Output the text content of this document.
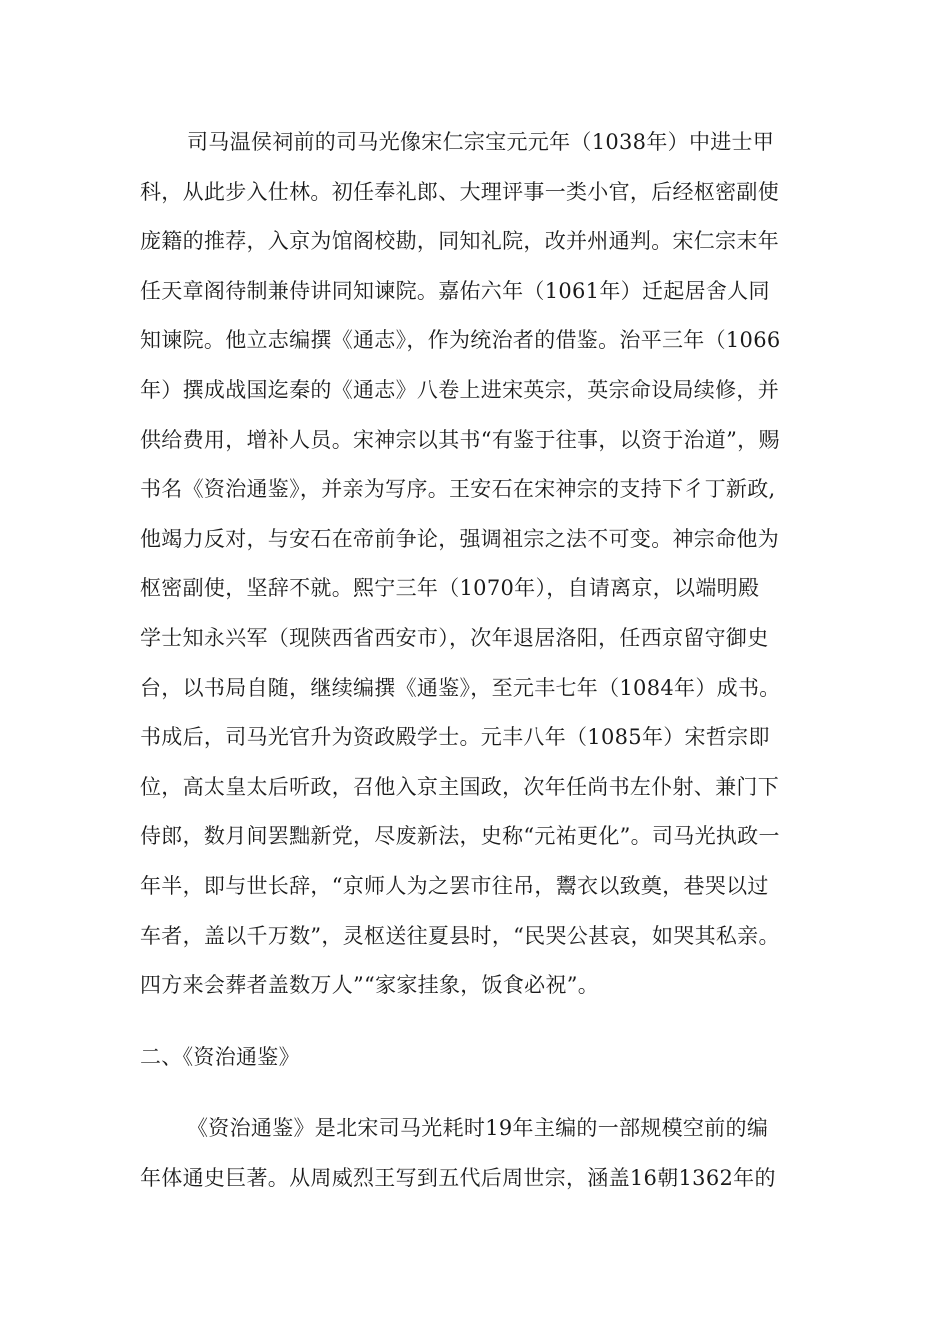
司马温侯祠前的司马光像宋仁宗宝元元年（1038年）中进士甲
科，从此步入仕林。初任奉礼郎、大理评事一类小官，后经枢密副使
庞籍的推荐，入京为馆阁校勘，同知礼院，改并州通判。宋仁宗末年
任天章阁待制兼侍讲同知谏院。嘉佑六年（1061年）迁起居舍人同
知谏院。他立志编撰《通志》，作为统治者的借鉴。治平三年（1066
年）撰成战国迄秦的《通志》八卷上进宋英宗，英宗命设局续修，并
供给费用，增补人员。宋神宗以其书“有鉴于往事，以资于治道”，赐
书名《资治通鉴》，并亲为写序。王安石在宋神宗的支持下彳丁新政,
他竭力反对，与安石在帝前争论，强调祖宗之法不可变。神宗命他为
枢密副使，坚辞不就。熙宁三年（1070年），自请离京，以端明殿
学士知永兴军（现陕西省西安市），次年退居洛阳，任西京留守御史
台，以书局自随，继续编撰《通鉴》，至元丰七年（1084年）成书。
书成后，司马光官升为资政殿学士。元丰八年（1085年）宋哲宗即
位，高太皇太后听政，召他入京主国政，次年任尚书左仆射、兼门下
侍郎，数月间罢黜新党，尽废新法，史称“元祐更化”。司马光执政一
年半，即与世长辞，“京师人为之罢市往吊，鬻衣以致奠，巷哭以过
车者，盖以千万数”，灵枢送往夏县时，“民哭公甚哀，如哭其私亲。
四方来会葬者盖数万人”“家家挂象，饭食必祝”。
二、《资治通鉴》
《资治通鉴》是北宋司马光耗时19年主编的一部规模空前的编
年体通史巨著。从周威烈王写到五代后周世宗，涵盖16朝1362年的
